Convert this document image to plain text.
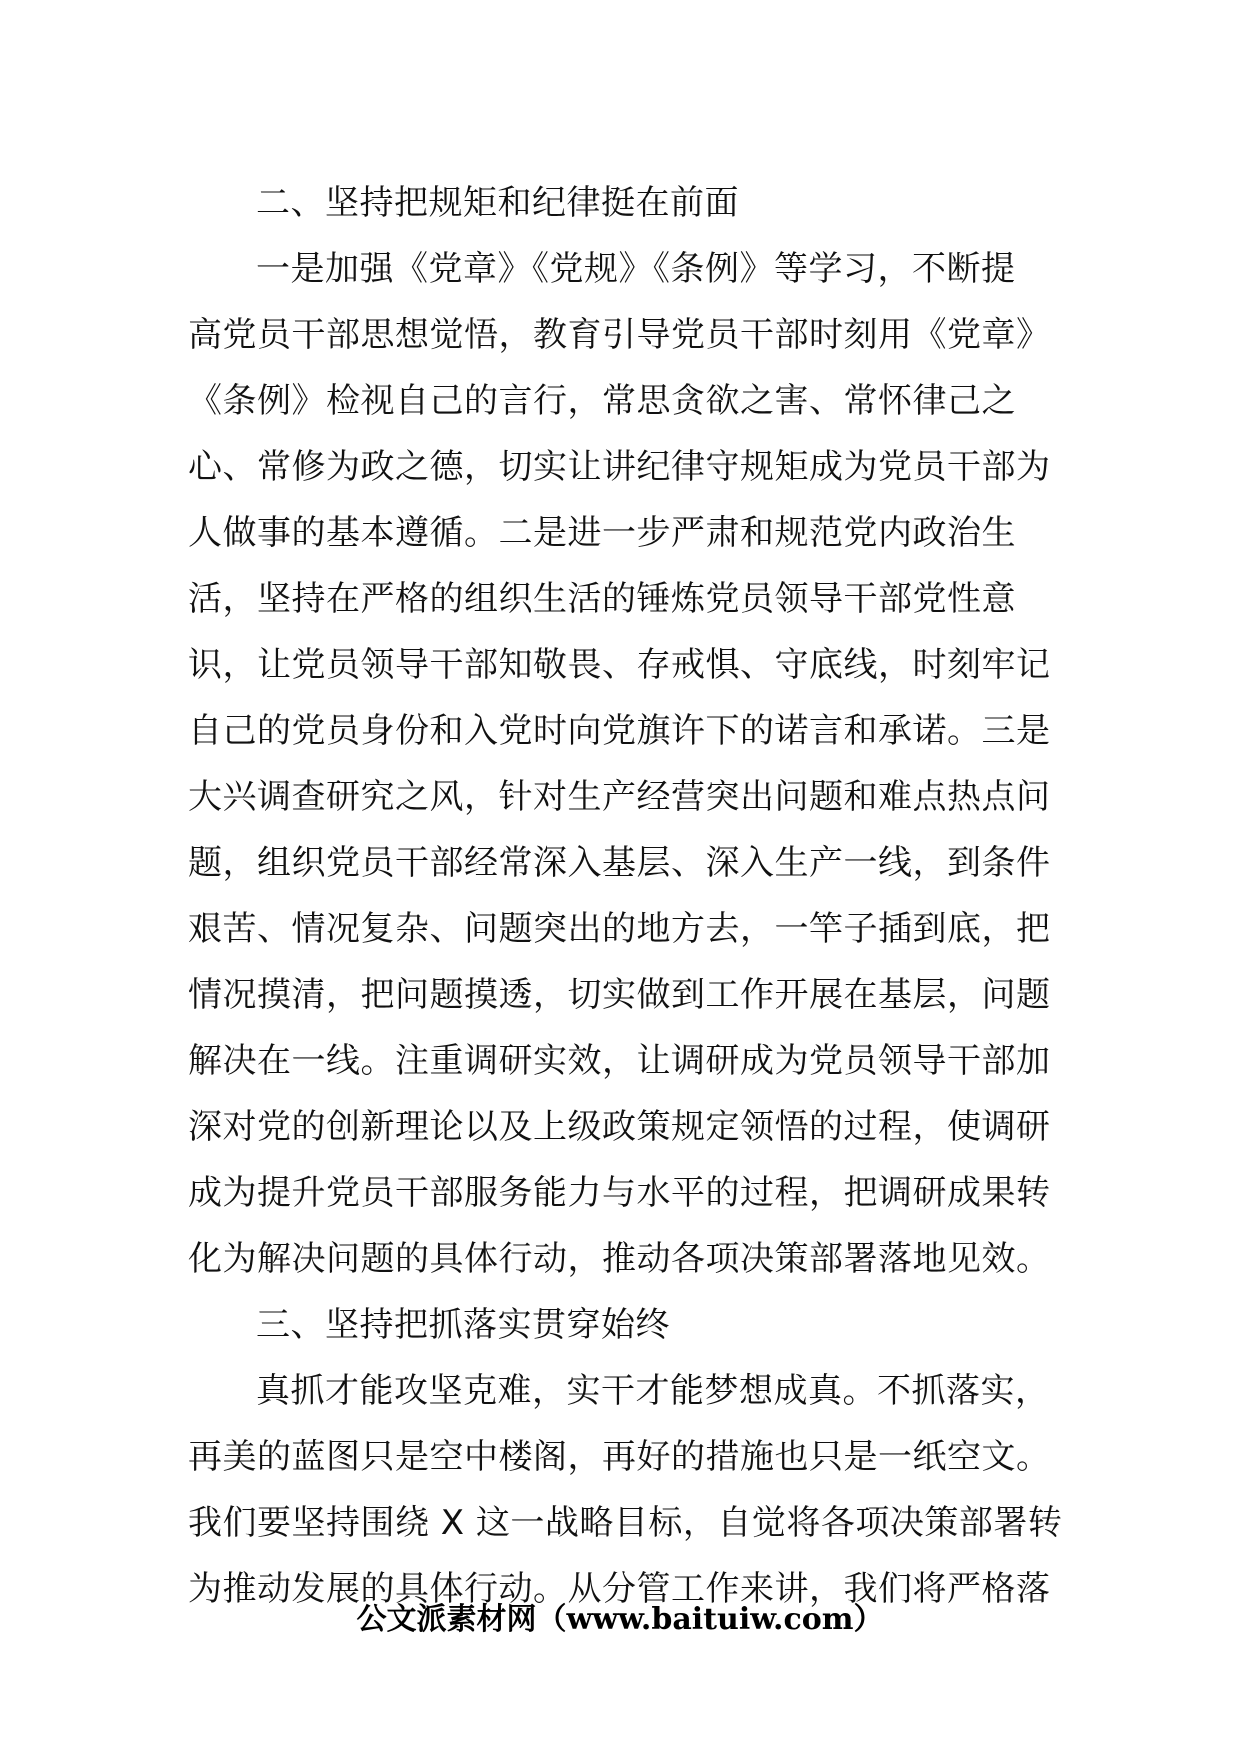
二、坚持把规矩和纪律挺在前面
一是加强《党章》《党规》《条例》等学习，不断提
高党员干部思想觉悟，教育引导党员干部时刻用《党章》
《条例》检视自己的言行，常思贪欲之害、常怀律己之
心、常修为政之德，切实让讲纪律守规矩成为党员干部为
人做事的基本遵循。二是进一步严肃和规范党内政治生
活，坚持在严格的组织生活的锤炼党员领导干部党性意
识，让党员领导干部知敬畏、存戒惧、守底线，时刻牢记
自己的党员身份和入党时向党旗许下的诺言和承诺。三是
大兴调查研究之风，针对生产经营突出问题和难点热点问
题，组织党员干部经常深入基层、深入生产一线，到条件
艰苦、情况复杂、问题突出的地方去，一竿子插到底，把
情况摸清，把问题摸透，切实做到工作开展在基层，问题
解决在一线。注重调研实效，让调研成为党员领导干部加
深对党的创新理论以及上级政策规定领悟的过程，使调研
成为提升党员干部服务能力与水平的过程，把调研成果转
化为解决问题的具体行动，推动各项决策部署落地见效。
三、坚持把抓落实贯穿始终
真抓才能攻坚克难，实干才能梦想成真。不抓落实，
再美的蓝图只是空中楼阁，再好的措施也只是一纸空文。
我们要坚持围绕 X 这一战略目标，自觉将各项决策部署转
为推动发展的具体行动。从分管工作来讲，我们将严格落
公文派素材网（www.baituiw.com）
